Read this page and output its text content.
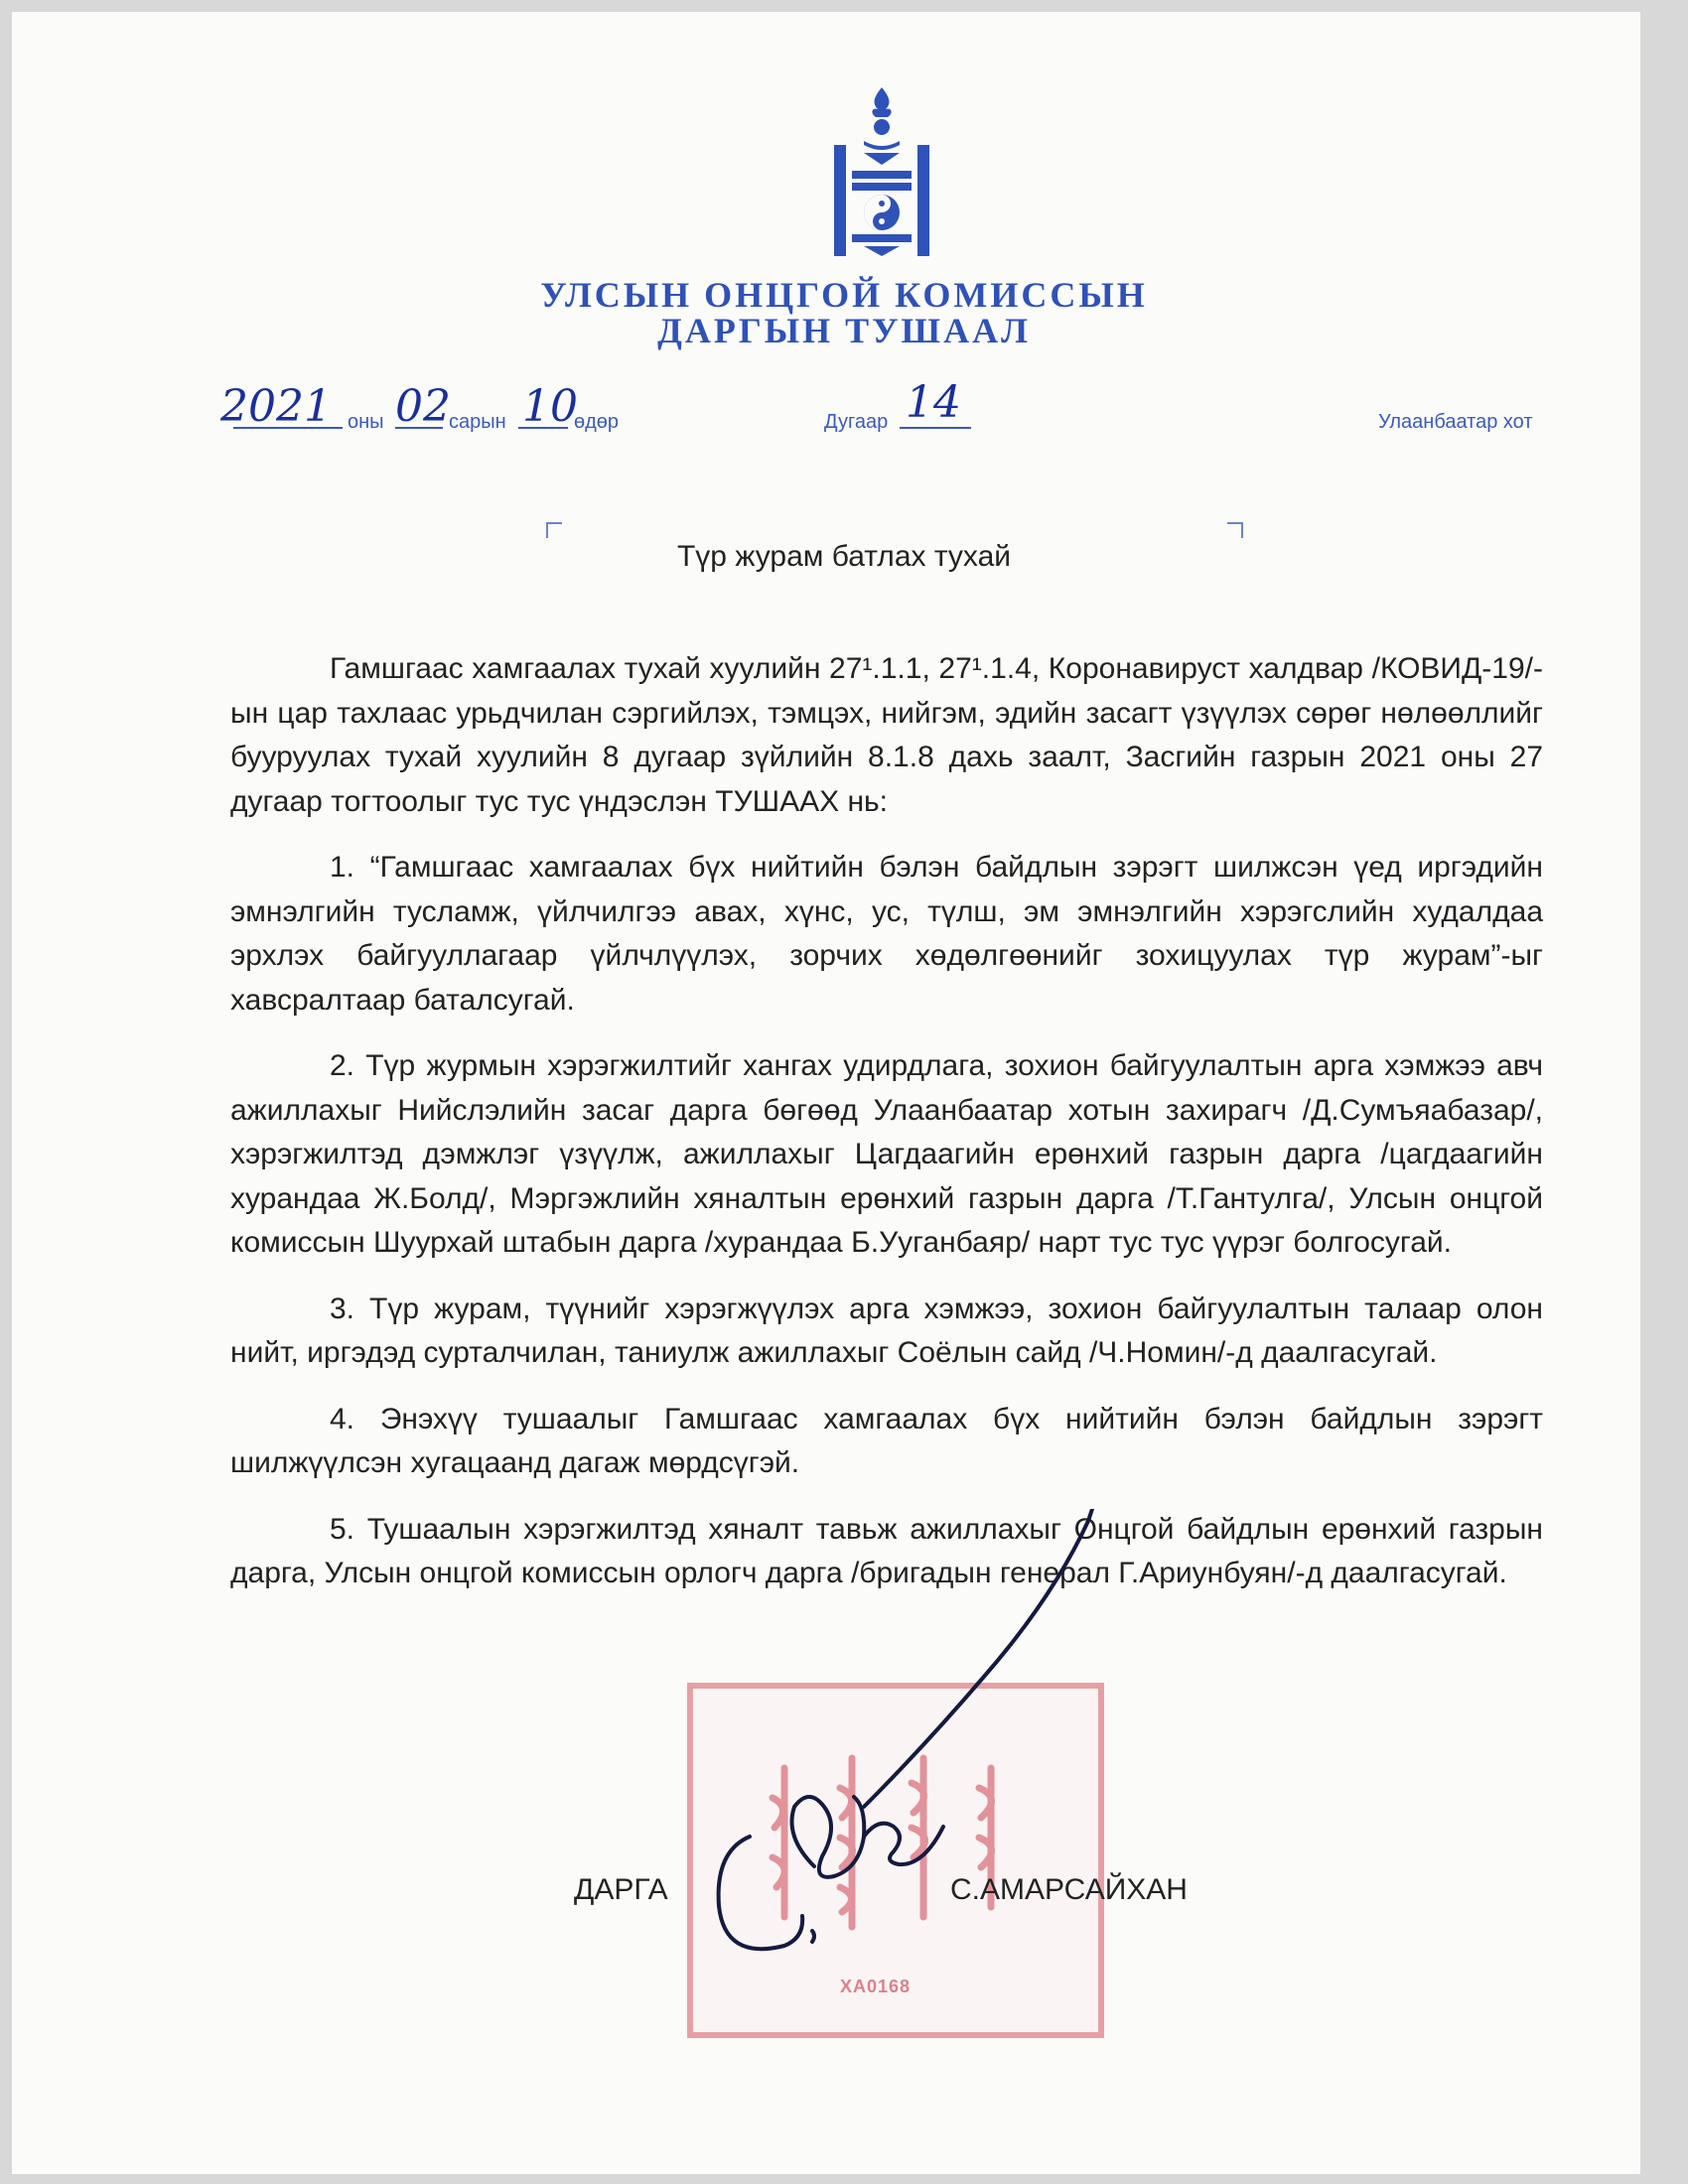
УЛСЫН ОНЦГОЙ КОМИССЫН
ДАРГЫН ТУШААЛ
2021 оны 02
сарын 10
өдөр	Дугаар 14	Улаанбаатар хот
Түр журам батлах тухай

Гамшгаас хамгаалах тухай хуулийн 27¹.1.1, 27¹.1.4, Коронавируст халдвар /КОВИД-19/-ын цар тахлаас урьдчилан сэргийлэх, тэмцэх, нийгэм, эдийн засагт үзүүлэх сөрөг нөлөөллийг бууруулах тухай хуулийн 8 дугаар зүйлийн 8.1.8 дахь заалт, Засгийн газрын 2021 оны 27 дугаар тогтоолыг тус тус үндэслэн ТУШААХ нь:

1. “Гамшгаас хамгаалах бүх нийтийн бэлэн байдлын зэрэгт шилжсэн үед иргэдийн эмнэлгийн тусламж, үйлчилгээ авах, хүнс, ус, түлш, эм эмнэлгийн хэрэгслийн худалдаа эрхлэх байгууллагаар үйлчлүүлэх, зорчих хөдөлгөөнийг зохицуулах түр журам”-ыг хавсралтаар баталсугай.

2. Түр журмын хэрэгжилтийг хангах удирдлага, зохион байгуулалтын арга хэмжээ авч ажиллахыг Нийслэлийн засаг дарга бөгөөд Улаанбаатар хотын захирагч /Д.Сумъяабазар/, хэрэгжилтэд дэмжлэг үзүүлж, ажиллахыг Цагдаагийн ерөнхий газрын дарга /цагдаагийн хурандаа Ж.Болд/, Мэргэжлийн хяналтын ерөнхий газрын дарга /Т.Гантулга/, Улсын онцгой комиссын Шуурхай штабын дарга /хурандаа Б.Ууганбаяр/ нарт тус тус үүрэг болгосугай.

3. Түр журам, түүнийг хэрэгжүүлэх арга хэмжээ, зохион байгуулалтын талаар олон нийт, иргэдэд сурталчилан, таниулж ажиллахыг Соёлын сайд /Ч.Номин/-д даалгасугай.

4. Энэхүү тушаалыг Гамшгаас хамгаалах бүх нийтийн бэлэн байдлын зэрэгт шилжүүлсэн хугацаанд дагаж мөрдсүгэй.

5. Тушаалын хэрэгжилтэд хяналт тавьж ажиллахыг Онцгой байдлын ерөнхий газрын дарга, Улсын онцгой комиссын орлогч дарга /бригадын генерал Г.Ариунбуян/-д даалгасугай.

ХА0168
ДАРГА	С.АМАРСАЙХАН
